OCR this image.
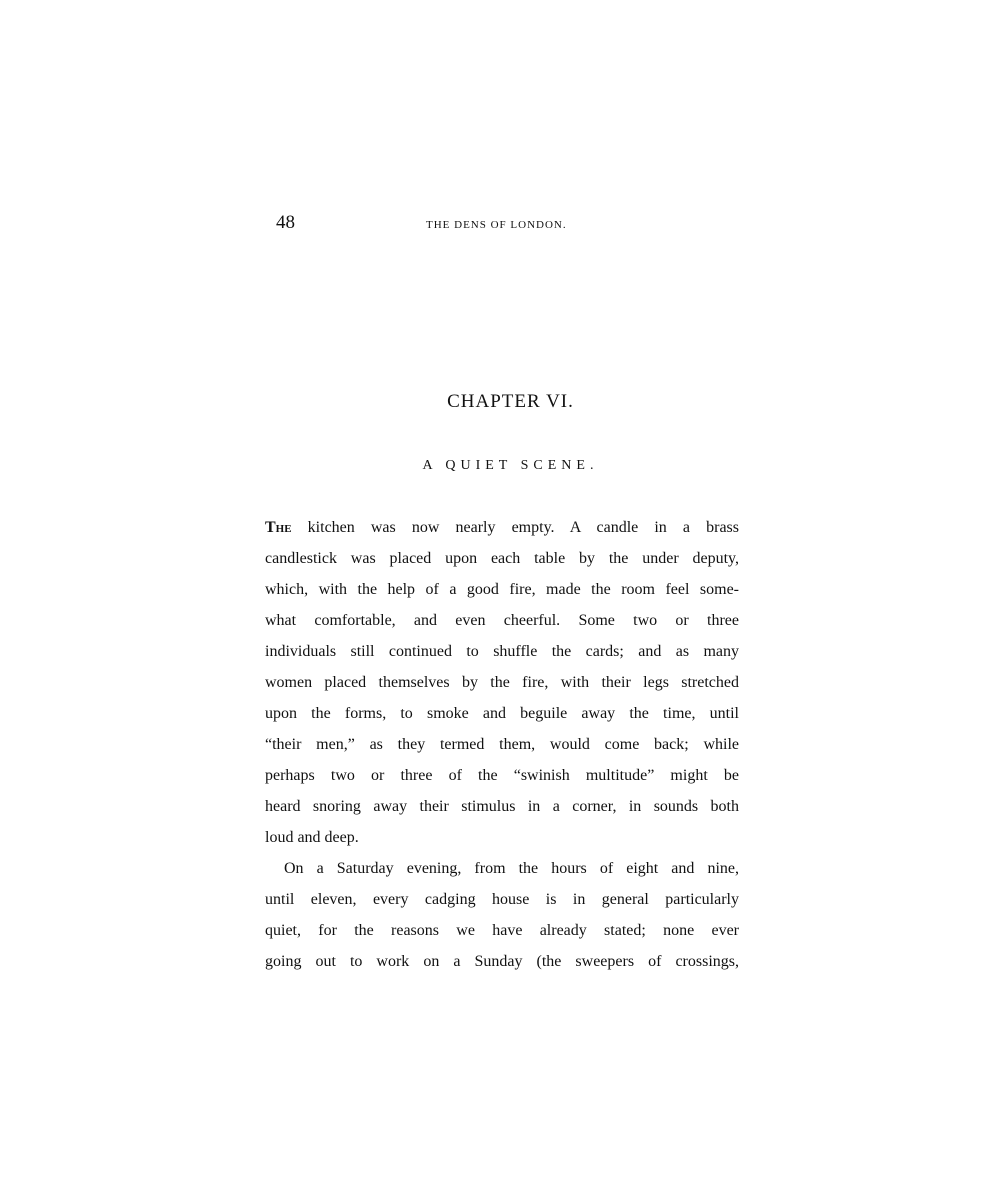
48	THE DENS OF LONDON.
CHAPTER VI.
A QUIET SCENE.
The kitchen was now nearly empty. A candle in a brass
candlestick was placed upon each table by the under deputy,
which, with the help of a good fire, made the room feel some-
what comfortable, and even cheerful. Some two or three
individuals still continued to shuffle the cards; and as many
women placed themselves by the fire, with their legs stretched
upon the forms, to smoke and beguile away the time, until
“their men,” as they termed them, would come back; while
perhaps two or three of the “swinish multitude” might be
heard snoring away their stimulus in a corner, in sounds both
loud and deep.
On a Saturday evening, from the hours of eight and nine,
until eleven, every cadging house is in general particularly
quiet, for the reasons we have already stated; none ever
going out to work on a Sunday (the sweepers of crossings,
